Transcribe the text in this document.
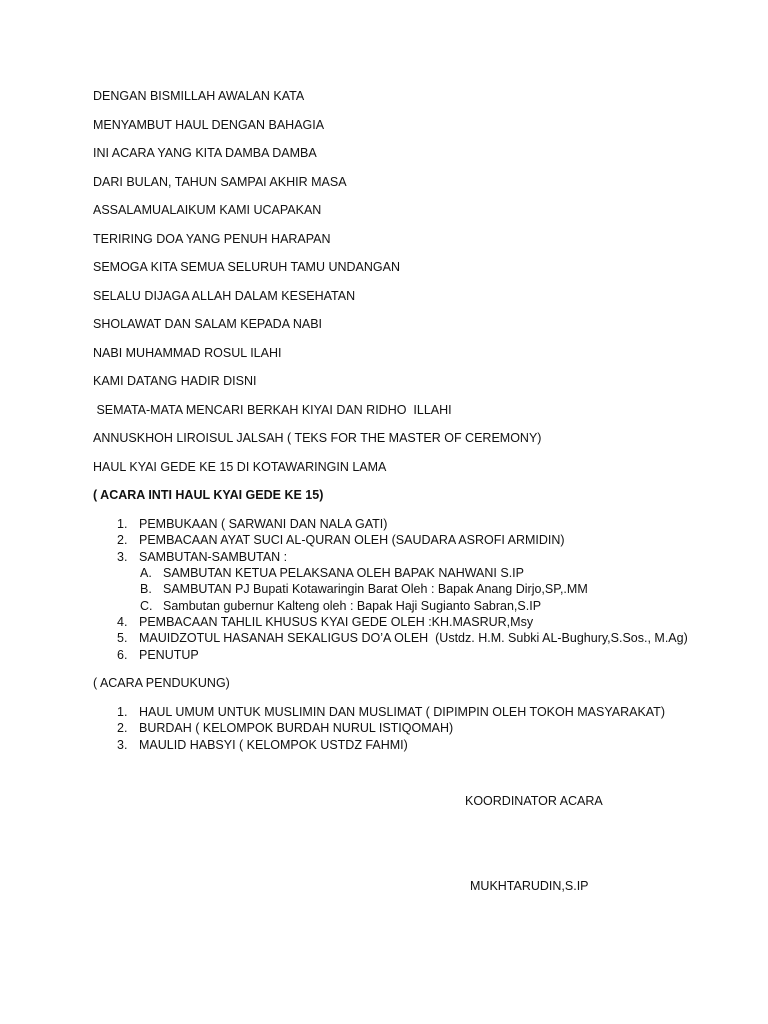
DENGAN BISMILLAH AWALAN KATA
MENYAMBUT HAUL DENGAN BAHAGIA
INI ACARA YANG KITA DAMBA DAMBA
DARI BULAN, TAHUN SAMPAI AKHIR MASA
ASSALAMUALAIKUM KAMI UCAPAKAN
TERIRING DOA YANG PENUH HARAPAN
SEMOGA KITA SEMUA SELURUH TAMU UNDANGAN
SELALU DIJAGA ALLAH DALAM KESEHATAN
SHOLAWAT DAN SALAM KEPADA NABI
NABI MUHAMMAD ROSUL ILAHI
KAMI DATANG HADIR DISNI
SEMATA-MATA MENCARI BERKAH KIYAI DAN RIDHO  ILLAHI
ANNUSKHOH LIROISUL JALSAH ( TEKS FOR THE MASTER OF CEREMONY)
HAUL KYAI GEDE KE 15 DI KOTAWARINGIN LAMA
( ACARA INTI HAUL KYAI GEDE KE 15)
1. PEMBUKAAN ( SARWANI DAN NALA GATI)
2. PEMBACAAN AYAT SUCI AL-QURAN OLEH (SAUDARA ASROFI ARMIDIN)
3. SAMBUTAN-SAMBUTAN :
A. SAMBUTAN KETUA PELAKSANA OLEH BAPAK NAHWANI S.IP
B. SAMBUTAN PJ Bupati Kotawaringin Barat Oleh : Bapak Anang Dirjo,SP,.MM
C. Sambutan gubernur Kalteng oleh : Bapak Haji Sugianto Sabran,S.IP
4. PEMBACAAN TAHLIL KHUSUS KYAI GEDE OLEH :KH.MASRUR,Msy
5. MAUIDZOTUL HASANAH SEKALIGUS DO’A OLEH  (Ustdz. H.M. Subki AL-Bughury,S.Sos., M.Ag)
6. PENUTUP
( ACARA PENDUKUNG)
1. HAUL UMUM UNTUK MUSLIMIN DAN MUSLIMAT ( DIPIMPIN OLEH TOKOH MASYARAKAT)
2. BURDAH ( KELOMPOK BURDAH NURUL ISTIQOMAH)
3. MAULID HABSYI ( KELOMPOK USTDZ FAHMI)
KOORDINATOR ACARA
MUKHTARUDIN,S.IP
